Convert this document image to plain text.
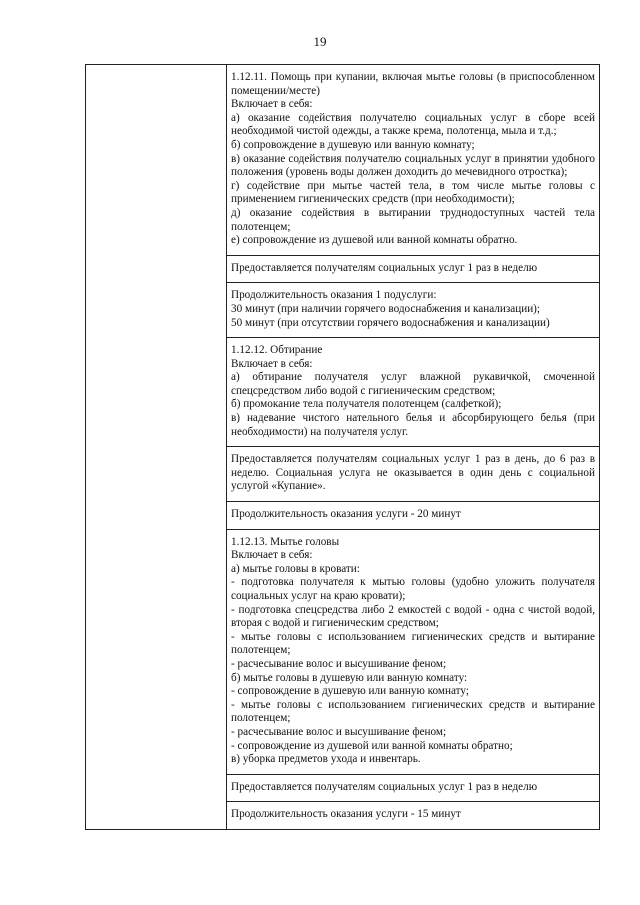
19

1.12.11. Помощь при купании, включая мытье головы (в приспособленном помещении/месте)
Включает в себя:
а) оказание содействия получателю социальных услуг в сборе всей необходимой чистой одежды, а также крема, полотенца, мыла и т.д.;
б) сопровождение в душевую или ванную комнату;
в) оказание содействия получателю социальных услуг в принятии удобного положения (уровень воды должен доходить до мечевидного отростка);
г) содействие при мытье частей тела, в том числе мытье головы с применением гигиенических средств (при необходимости);
д) оказание содействия в вытирании труднодоступных частей тела полотенцем;
е) сопровождение из душевой или ванной комнаты обратно.

Предоставляется получателям социальных услуг 1 раз в неделю

Продолжительность оказания 1 подуслуги:
30 минут (при наличии горячего водоснабжения и канализации);
50 минут (при отсутствии горячего водоснабжения и канализации)

1.12.12. Обтирание
Включает в себя:
а) обтирание получателя услуг влажной рукавичкой, смоченной спецсредством либо водой с гигиеническим средством;
б) промокание тела получателя полотенцем (салфеткой);
в) надевание чистого нательного белья и абсорбирующего белья (при необходимости) на получателя услуг.

Предоставляется получателям социальных услуг 1 раз в день, до 6 раз в неделю. Социальная услуга не оказывается в один день с социальной услугой «Купание».

Продолжительность оказания услуги - 20 минут

1.12.13. Мытье головы
Включает в себя:
а) мытье головы в кровати:
- подготовка получателя к мытью головы (удобно уложить получателя социальных услуг на краю кровати);
- подготовка спецсредства либо 2 емкостей с водой - одна с чистой водой, вторая с водой и гигиеническим средством;
- мытье головы с использованием гигиенических средств и вытирание полотенцем;
- расчесывание волос и высушивание феном;
б) мытье головы в душевую или ванную комнату:
- сопровождение в душевую или ванную комнату;
- мытье головы с использованием гигиенических средств и вытирание полотенцем;
- расчесывание волос и высушивание феном;
- сопровождение из душевой или ванной комнаты обратно;
в) уборка предметов ухода и инвентарь.

Предоставляется получателям социальных услуг 1 раз в неделю

Продолжительность оказания услуги - 15 минут
